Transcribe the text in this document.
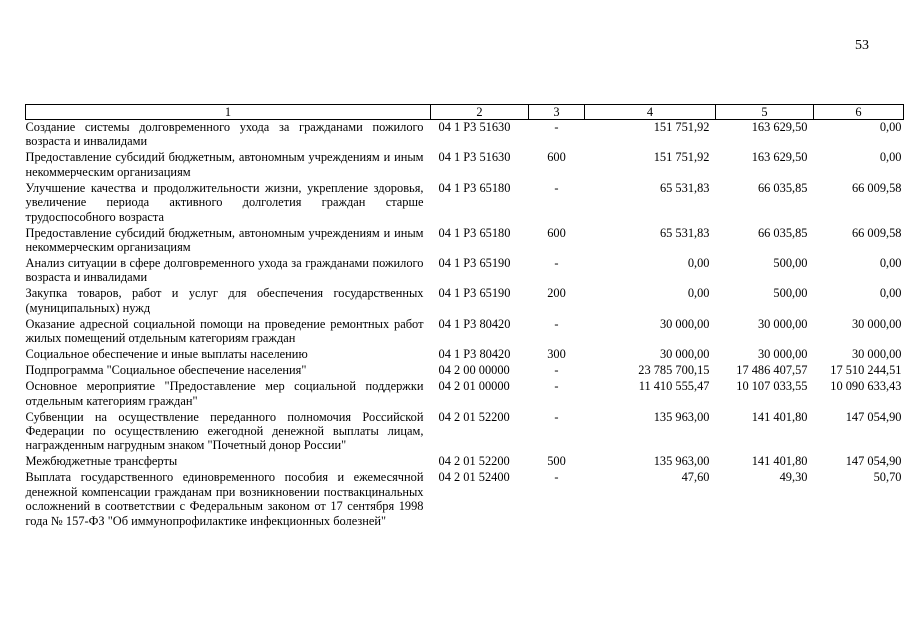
53
1	2	3	4	5	6
Создание системы долговременного ухода за гражданами пожилого возраста и инвалидами	04 1 P3 51630	-	151 751,92	163 629,50	0,00
Предоставление субсидий бюджетным, автономным учреждениям и иным некоммерческим организациям	04 1 P3 51630	600	151 751,92	163 629,50	0,00
Улучшение качества и продолжительности жизни, укрепление здоровья, увеличение периода активного долголетия граждан старше трудоспособного возраста	04 1 P3 65180	-	65 531,83	66 035,85	66 009,58
Предоставление субсидий бюджетным, автономным учреждениям и иным некоммерческим организациям	04 1 P3 65180	600	65 531,83	66 035,85	66 009,58
Анализ ситуации в сфере долговременного ухода за гражданами пожилого возраста и инвалидами	04 1 P3 65190	-	0,00	500,00	0,00
Закупка товаров, работ и услуг для обеспечения государственных (муниципальных) нужд	04 1 P3 65190	200	0,00	500,00	0,00
Оказание адресной социальной помощи на проведение ремонтных работ жилых помещений отдельным категориям граждан	04 1 P3 80420	-	30 000,00	30 000,00	30 000,00
Социальное обеспечение и иные выплаты населению	04 1 P3 80420	300	30 000,00	30 000,00	30 000,00
Подпрограмма "Социальное обеспечение населения"	04 2 00 00000	-	23 785 700,15	17 486 407,57	17 510 244,51
Основное мероприятие "Предоставление мер социальной поддержки отдельным категориям граждан"	04 2 01 00000	-	11 410 555,47	10 107 033,55	10 090 633,43
Субвенции на осуществление переданного полномочия Российской Федерации по осуществлению ежегодной денежной выплаты лицам, награжденным нагрудным знаком "Почетный донор России"	04 2 01 52200	-	135 963,00	141 401,80	147 054,90
Межбюджетные трансферты	04 2 01 52200	500	135 963,00	141 401,80	147 054,90
Выплата государственного единовременного пособия и ежемесячной денежной компенсации гражданам при возникновении поствакцинальных осложнений в соответствии с Федеральным законом от 17 сентября 1998 года № 157-ФЗ "Об иммунопрофилактике инфекционных болезней"	04 2 01 52400	-	47,60	49,30	50,70
